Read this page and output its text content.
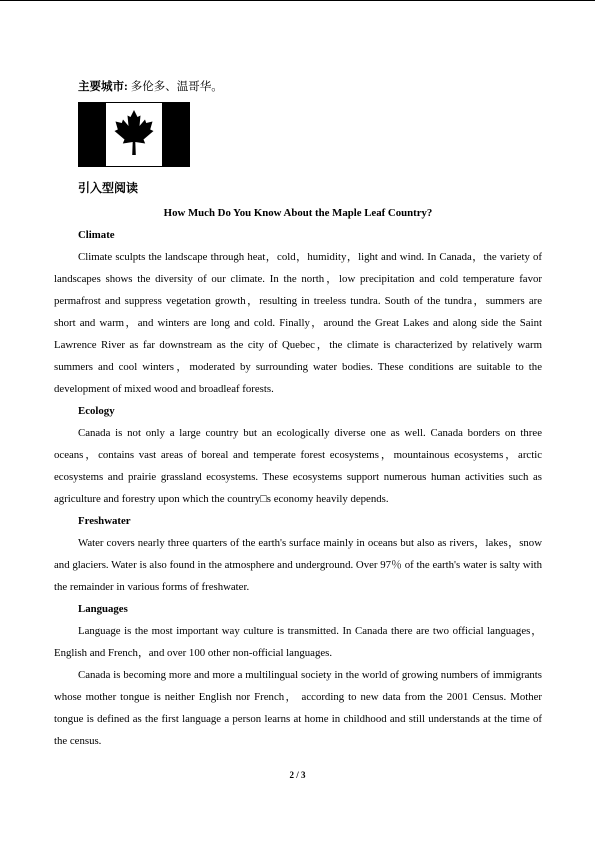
主要城市: 多伦多、温哥华。
引入型阅读

How Much Do You Know About the Maple Leaf Country?

Climate

Climate sculpts the landscape through heat，cold，humidity，light and wind. In Canada，the variety of landscapes shows the diversity of our climate. In the north，low precipitation and cold temperature favor permafrost and suppress vegetation growth，resulting in treeless tundra. South of the tundra，summers are short and warm，and winters are long and cold. Finally，around the Great Lakes and along side the Saint Lawrence River as far downstream as the city of Quebec，the climate is characterized by relatively warm summers and cool winters，moderated by surrounding water bodies. These conditions are suitable to the development of mixed wood and broadleaf forests.

Ecology

Canada is not only a large country but an ecologically diverse one as well. Canada borders on three oceans，contains vast areas of boreal and temperate forest ecosystems，mountainous ecosystems，arctic ecosystems and prairie grassland ecosystems. These ecosystems support numerous human activities such as agriculture and forestry upon which the country□s economy heavily depends.

Freshwater

Water covers nearly three quarters of the earth's surface mainly in oceans but also as rivers，lakes，snow and glaciers. Water is also found in the atmosphere and underground. Over 97％ of the earth's water is salty with the remainder in various forms of freshwater.

Languages

Language is the most important way culture is transmitted. In Canada there are two official languages，English and French，and over 100 other non-official languages.

Canada is becoming more and more a multilingual society in the world of growing numbers of immigrants whose mother tongue is neither English nor French， according to new data from the 2001 Census. Mother tongue is defined as the first language a person learns at home in childhood and still understands at the time of the census.

2 / 3
